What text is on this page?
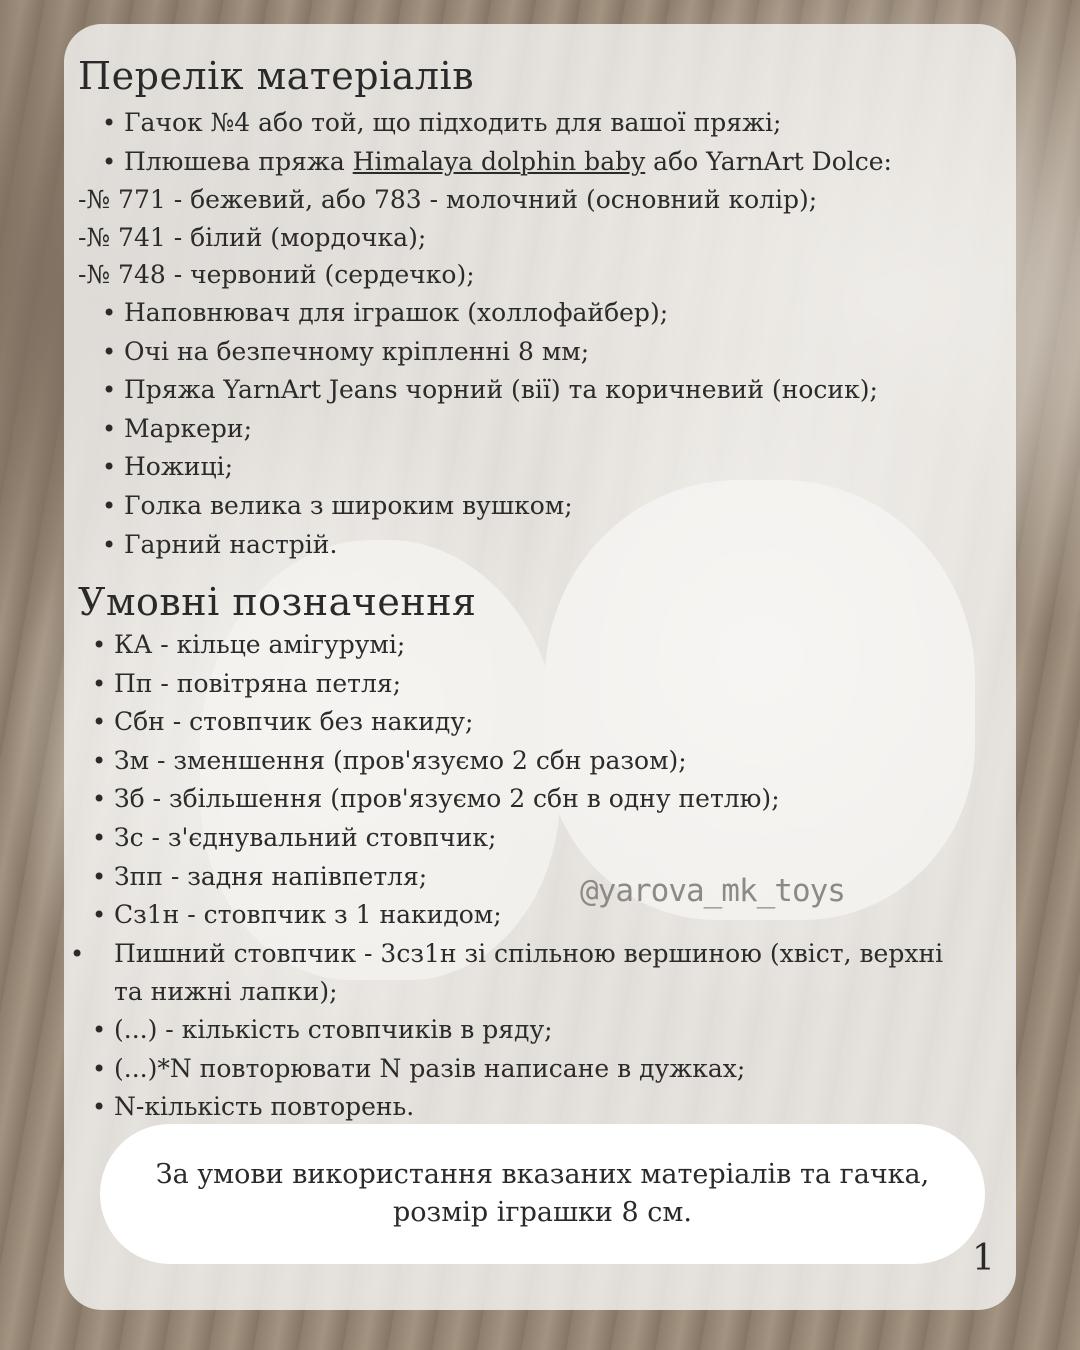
Перелік матеріалів
• Гачок №4 або той, що підходить для вашої пряжі;
• Плюшева пряжа Himalaya dolphin baby або YarnArt Dolce:
-№ 771 - бежевий, або 783 - молочний (основний колір);
-№ 741 - білий (мордочка);
-№ 748 - червоний (сердечко);
• Наповнювач для іграшок (холлофайбер);
• Очі на безпечному кріпленні 8 мм;
• Пряжа YarnArt Jeans чорний (вії) та коричневий (носик);
• Маркери;
• Ножиці;
• Голка велика з широким вушком;
• Гарний настрій.
Умовні позначення
• КА - кільце амігурумі;
• Пп - повітряна петля;
• Сбн - стовпчик без накиду;
• Зм - зменшення (пров'язуємо 2 сбн разом);
• Зб - збільшення (пров'язуємо 2 сбн в одну петлю);
• Зс - з'єднувальний стовпчик;
• Зпп - задня напівпетля;
• Сз1н - стовпчик з 1 накидом;
• Пишний стовпчик - 3сз1н зі спільною вершиною (хвіст, верхні та нижні лапки);
• (...) - кількість стовпчиків в ряду;
• (...)*N повторювати N разів написане в дужках;
• N-кількість повторень.
@yarova_mk_toys
За умови використання вказаних матеріалів та гачка,
розмір іграшки 8 см.
1
